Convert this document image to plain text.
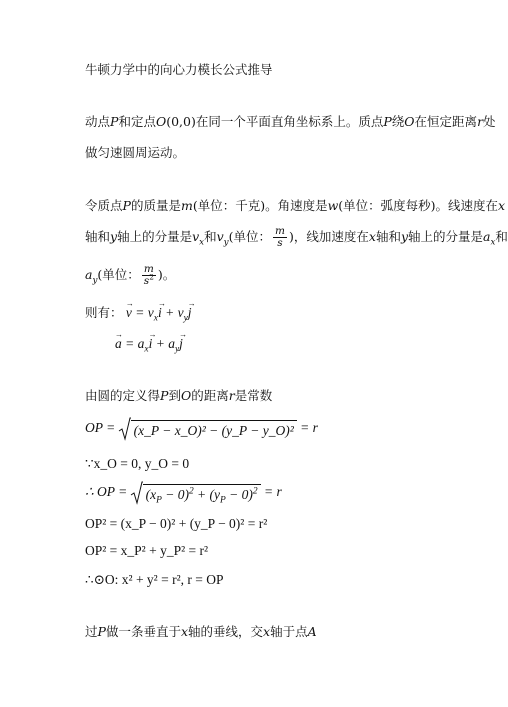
牛顿力学中的向心力模长公式推导
动点P和定点O(0,0)在同一个平面直角坐标系上。质点P绕O在恒定距离r处
做匀速圆周运动。
令质点P的质量是m(单位：千克)。角速度是w(单位：弧度每秒)。线速度在x
轴和y轴上的分量是$v_x$和$v_y$(单位： $\frac{m}{s}$ )，线加速度在x轴和y轴上的分量是$a_x$和
$a_y$(单位： $\frac{m}{s^2}$ )。
则有： v → = $v_xi$ → + $v_yj$ →
a → = $a_xi$ → + $a_yj$ →
由圆的定义得P到O的距离r是常数
OP = (x_P − x_O)² − (y_P − y_O)² = r
∵x_O = 0, y_O = 0
∴ OP = $(x_P - 0)^2 + (y_P - 0)^2 = r$
OP² = (x_P − 0)² + (y_P − 0)² = r²
OP² = x_P² + y_P² = r²
∴⊙O: x² + y² = r², r = OP
过P做一条垂直于x轴的垂线，交x轴于点A
